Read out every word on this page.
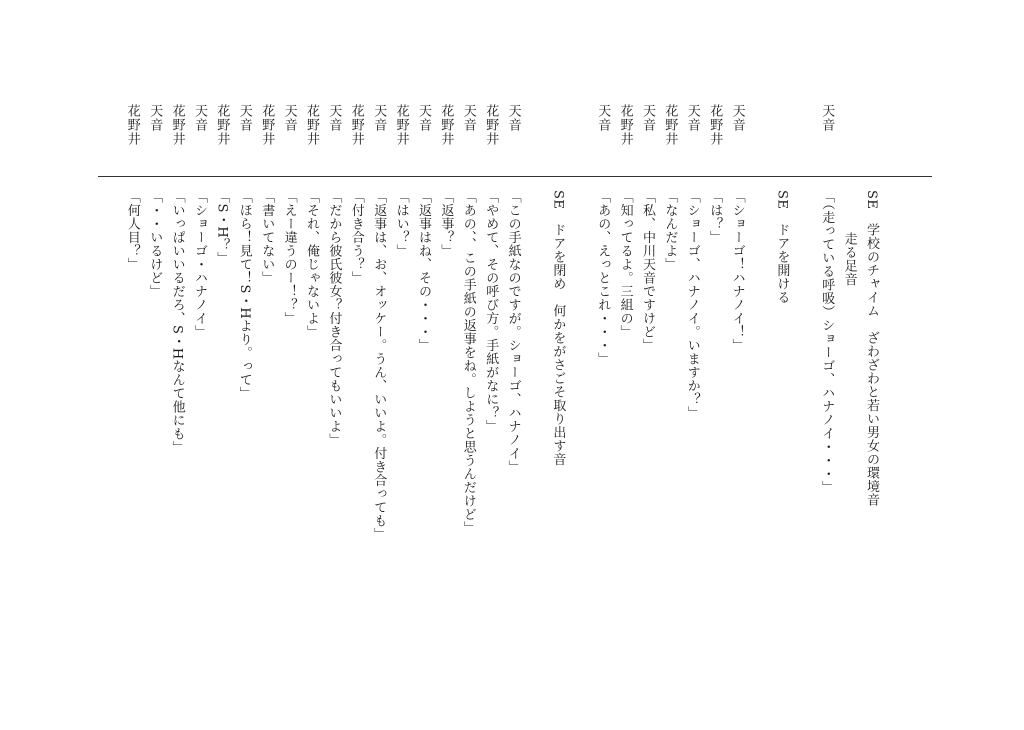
SE　学校のチャイム　ざわざわと若い男女の環境音
走る足音
天音
「（走っている呼吸）ショーゴ、ハナノイ・・・」
SE　ドアを開ける
天音
「ショーゴ！ハナノイ！」
花野井
「は？」
天音
「ショーゴ、ハナノイ。いますか？」
花野井
「なんだよ」
天音
「私、中川天音ですけど」
花野井
「知ってるよ。三組の」
天音
「あの、えっとこれ・・・」
SE　ドアを閉め　何かをがさごそ取り出す音
天音
「この手紙なのですが。ショーゴ、ハナノイ」
花野井
「やめて、その呼び方。手紙がなに？」
天音
「あの、、この手紙の返事をね。しようと思うんだけど」
花野井
「返事？」
天音
「返事はね、その・・・」
花野井
「はい？」
天音
「返事は、お、オッケー。うん、いいよ。付き合っても」
花野井
「付き合う？」
天音
「だから彼氏彼女？付き合ってもいいよ」
花野井
「それ、俺じゃないよ」
天音
「えー違うのー！？」
花野井
「書いてない」
天音
「ほら！見て！S・Hより。って」
花野井
「S・H？」
天音
「ショーゴ・ハナノイ」
花野井
「いっぱいいるだろ、S・Hなんて他にも」
天音
「・・いるけど」
花野井
「何人目？」
